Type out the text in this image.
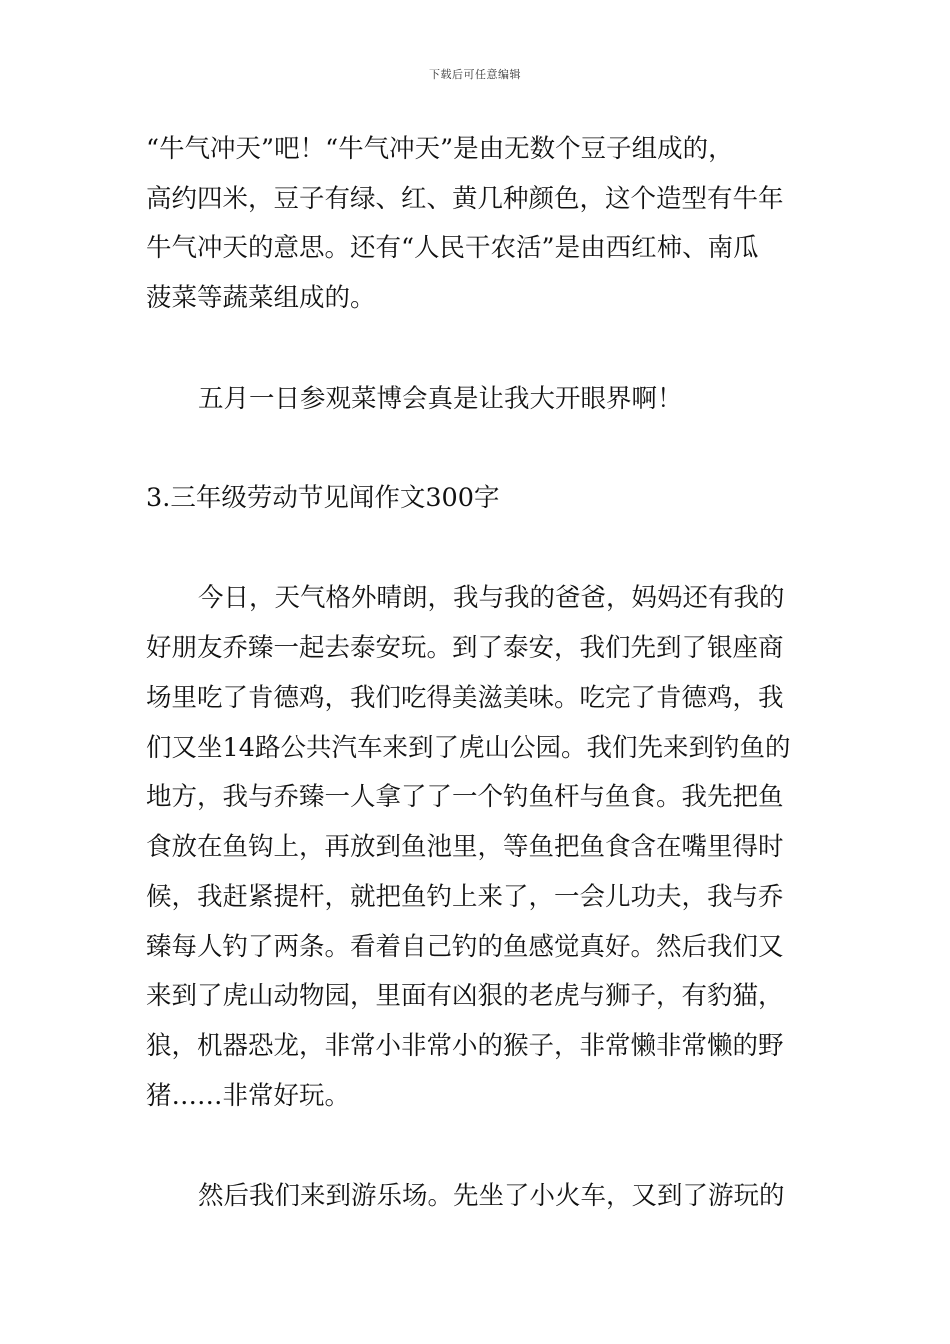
下载后可任意编辑
“牛气冲天”吧！“牛气冲天”是由无数个豆子组成的，
高约四米，豆子有绿、红、黄几种颜色，这个造型有牛年
牛气冲天的意思。还有“人民干农活”是由西红柿、南瓜
菠菜等蔬菜组成的。
五月一日参观菜博会真是让我大开眼界啊！
3.三年级劳动节见闻作文300字
今日，天气格外晴朗，我与我的爸爸，妈妈还有我的
好朋友乔臻一起去泰安玩。到了泰安，我们先到了银座商
场里吃了肯德鸡，我们吃得美滋美味。吃完了肯德鸡，我
们又坐14路公共汽车来到了虎山公园。我们先来到钓鱼的
地方，我与乔臻一人拿了了一个钓鱼杆与鱼食。我先把鱼
食放在鱼钩上，再放到鱼池里，等鱼把鱼食含在嘴里得时
候，我赶紧提杆，就把鱼钓上来了，一会儿功夫，我与乔
臻每人钓了两条。看着自己钓的鱼感觉真好。然后我们又
来到了虎山动物园，里面有凶狠的老虎与狮子，有豹猫，
狼，机器恐龙，非常小非常小的猴子，非常懒非常懒的野
猪……非常好玩。
然后我们来到游乐场。先坐了小火车，又到了游玩的
